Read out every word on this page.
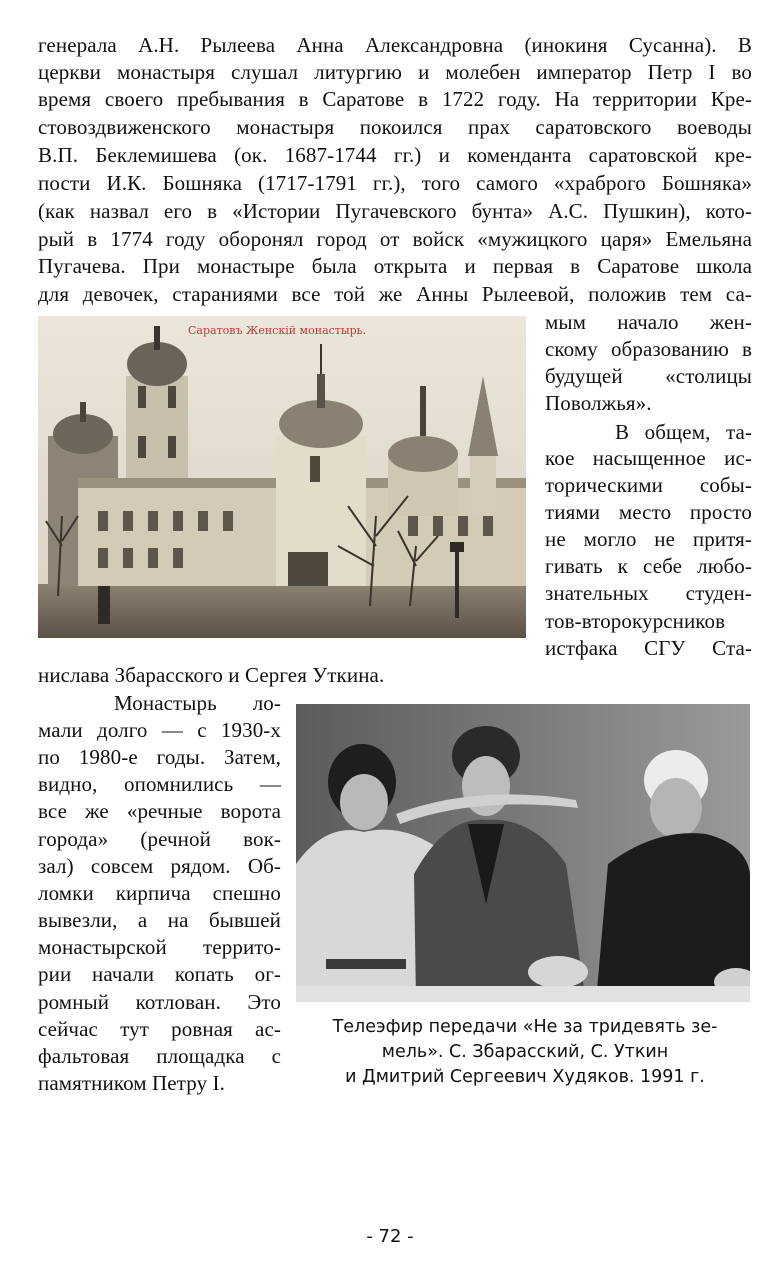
генерала А.Н. Рылеева Анна Александровна (инокиня Сусанна). В

церкви монастыря слушал литургию и молебен император Петр I во

время своего пребывания в Саратове в 1722 году. На территории Кре-

стовоздвиженского монастыря покоился прах саратовского воеводы

В.П. Беклемишева (ок. 1687-1744 гг.) и коменданта саратовской кре-

пости И.К. Бошняка (1717-1791 гг.), того самого «храброго Бошняка»

(как назвал его в «Истории Пугачевского бунта» А.С. Пушкин), кото-

рый в 1774 году оборонял город от войск «мужицкого царя» Емельяна

Пугачева. При монастыре была открыта и первая в Саратове школа

для девочек, стараниями все той же Анны Рылеевой, положив тем са-

Саратовъ Женскiй монастырь.	мым начало жен-

скому образованию в

будущей «столицы

Поволжья».

В общем, та-

кое насыщенное ис-

торическими собы-

тиями место просто

не могло не притя-

гивать к себе любо-

знательных студен-

тов-второкурсников

истфака СГУ Ста-

нислава Збарасского и Сергея Уткина.

Монастырь ло-

мали долго — с 1930-х

по 1980-е годы. Затем,

видно, опомнились —

все же «речные ворота

города» (речной вок-

зал) совсем рядом. Об-

ломки кирпича спешно

вывезли, а на бывшей

монастырской террито-

рии начали копать ог-

ромный котлован. Это

сейчас тут ровная ас-

фальтовая площадка с

памятником Петру I.

Телеэфир передачи «Не за тридевять зе-

мель». С. Збарасский, С. Уткин

и Дмитрий Сергеевич Худяков. 1991 г.

- 72 -
